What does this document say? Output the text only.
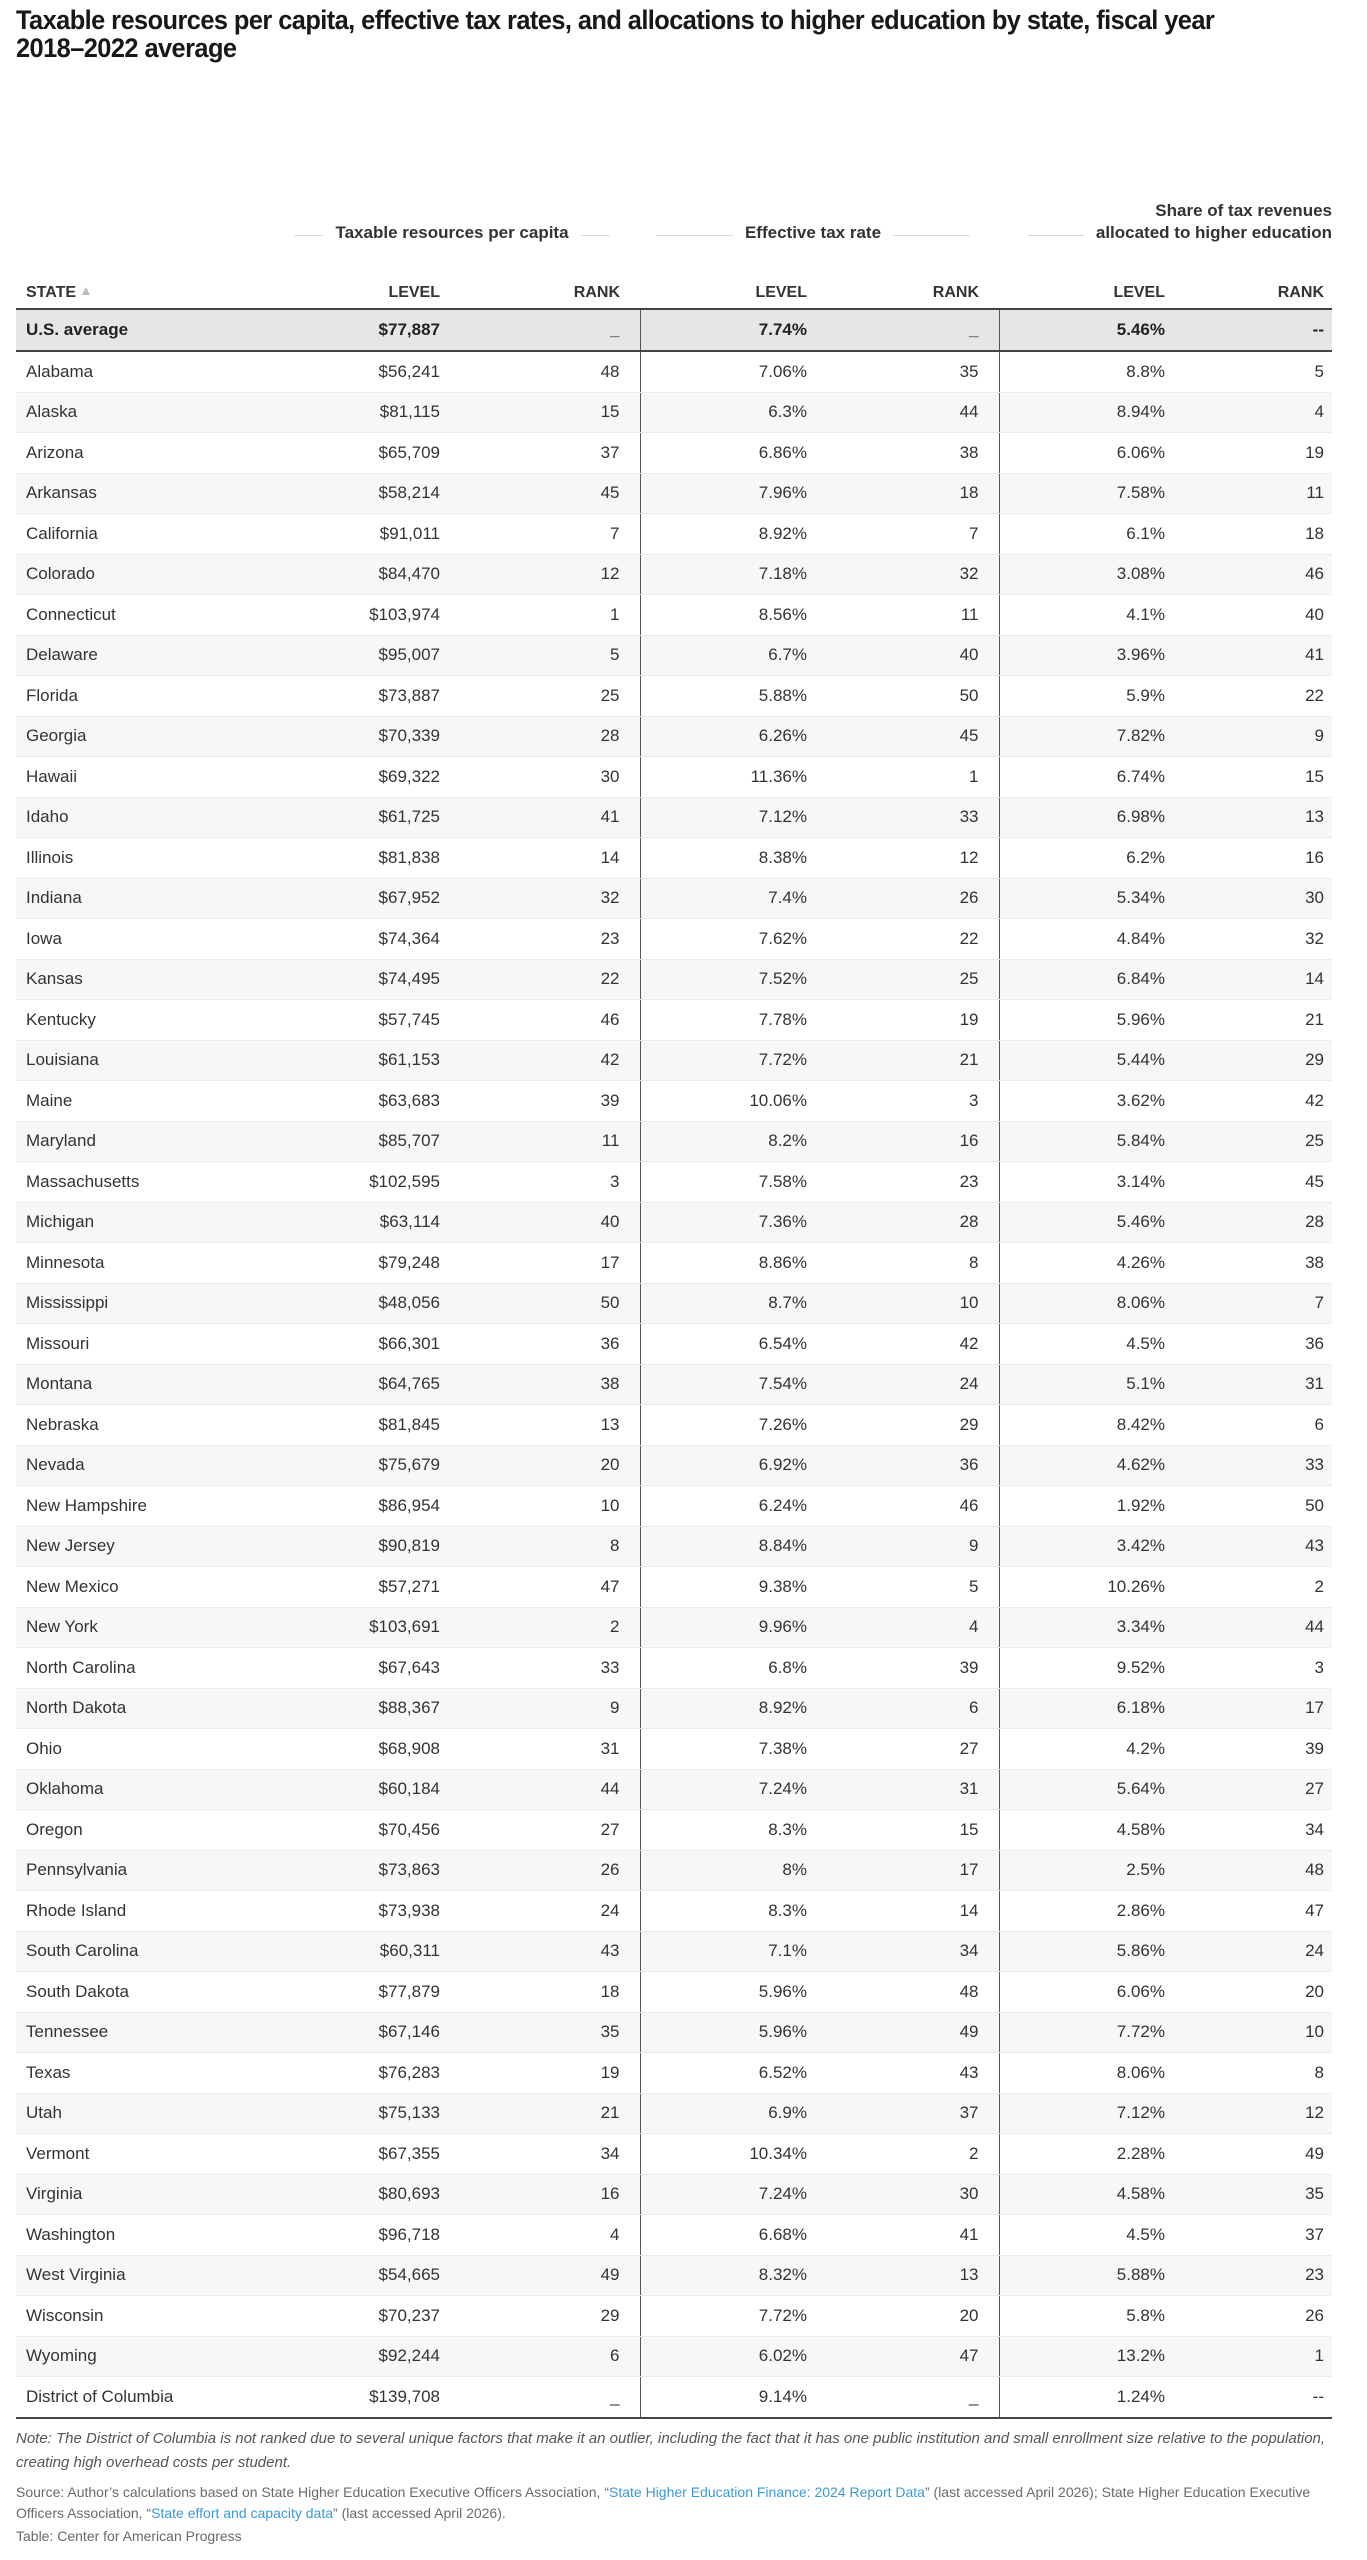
Taxable resources per capita, effective tax rates, and allocations to higher education by state, fiscal year 2018–2022 average
Taxable resources per capita	Effective tax rate
Share of tax revenues
allocated to higher education
STATE	LEVEL	RANK	LEVEL	RANK	LEVEL	RANK
U.S. average	$77,887	_	7.74%	_	5.46%	--
Alabama	$56,241	48	7.06%	35	8.8%	5
Alaska	$81,115	15	6.3%	44	8.94%	4
Arizona	$65,709	37	6.86%	38	6.06%	19
Arkansas	$58,214	45	7.96%	18	7.58%	11
California	$91,011	7	8.92%	7	6.1%	18
Colorado	$84,470	12	7.18%	32	3.08%	46
Connecticut	$103,974	1	8.56%	11	4.1%	40
Delaware	$95,007	5	6.7%	40	3.96%	41
Florida	$73,887	25	5.88%	50	5.9%	22
Georgia	$70,339	28	6.26%	45	7.82%	9
Hawaii	$69,322	30	11.36%	1	6.74%	15
Idaho	$61,725	41	7.12%	33	6.98%	13
Illinois	$81,838	14	8.38%	12	6.2%	16
Indiana	$67,952	32	7.4%	26	5.34%	30
Iowa	$74,364	23	7.62%	22	4.84%	32
Kansas	$74,495	22	7.52%	25	6.84%	14
Kentucky	$57,745	46	7.78%	19	5.96%	21
Louisiana	$61,153	42	7.72%	21	5.44%	29
Maine	$63,683	39	10.06%	3	3.62%	42
Maryland	$85,707	11	8.2%	16	5.84%	25
Massachusetts	$102,595	3	7.58%	23	3.14%	45
Michigan	$63,114	40	7.36%	28	5.46%	28
Minnesota	$79,248	17	8.86%	8	4.26%	38
Mississippi	$48,056	50	8.7%	10	8.06%	7
Missouri	$66,301	36	6.54%	42	4.5%	36
Montana	$64,765	38	7.54%	24	5.1%	31
Nebraska	$81,845	13	7.26%	29	8.42%	6
Nevada	$75,679	20	6.92%	36	4.62%	33
New Hampshire	$86,954	10	6.24%	46	1.92%	50
New Jersey	$90,819	8	8.84%	9	3.42%	43
New Mexico	$57,271	47	9.38%	5	10.26%	2
New York	$103,691	2	9.96%	4	3.34%	44
North Carolina	$67,643	33	6.8%	39	9.52%	3
North Dakota	$88,367	9	8.92%	6	6.18%	17
Ohio	$68,908	31	7.38%	27	4.2%	39
Oklahoma	$60,184	44	7.24%	31	5.64%	27
Oregon	$70,456	27	8.3%	15	4.58%	34
Pennsylvania	$73,863	26	8%	17	2.5%	48
Rhode Island	$73,938	24	8.3%	14	2.86%	47
South Carolina	$60,311	43	7.1%	34	5.86%	24
South Dakota	$77,879	18	5.96%	48	6.06%	20
Tennessee	$67,146	35	5.96%	49	7.72%	10
Texas	$76,283	19	6.52%	43	8.06%	8
Utah	$75,133	21	6.9%	37	7.12%	12
Vermont	$67,355	34	10.34%	2	2.28%	49
Virginia	$80,693	16	7.24%	30	4.58%	35
Washington	$96,718	4	6.68%	41	4.5%	37
West Virginia	$54,665	49	8.32%	13	5.88%	23
Wisconsin	$70,237	29	7.72%	20	5.8%	26
Wyoming	$92,244	6	6.02%	47	13.2%	1
District of Columbia	$139,708	_	9.14%	_	1.24%	--
Note: The District of Columbia is not ranked due to several unique factors that make it an outlier, including the fact that it has one public institution and small enrollment size relative to the population, creating high overhead costs per student.
Source: Author’s calculations based on State Higher Education Executive Officers Association, “State Higher Education Finance: 2024 Report Data” (last accessed April 2026); State Higher Education Executive Officers Association, “State effort and capacity data” (last accessed April 2026).
Table: Center for American Progress
